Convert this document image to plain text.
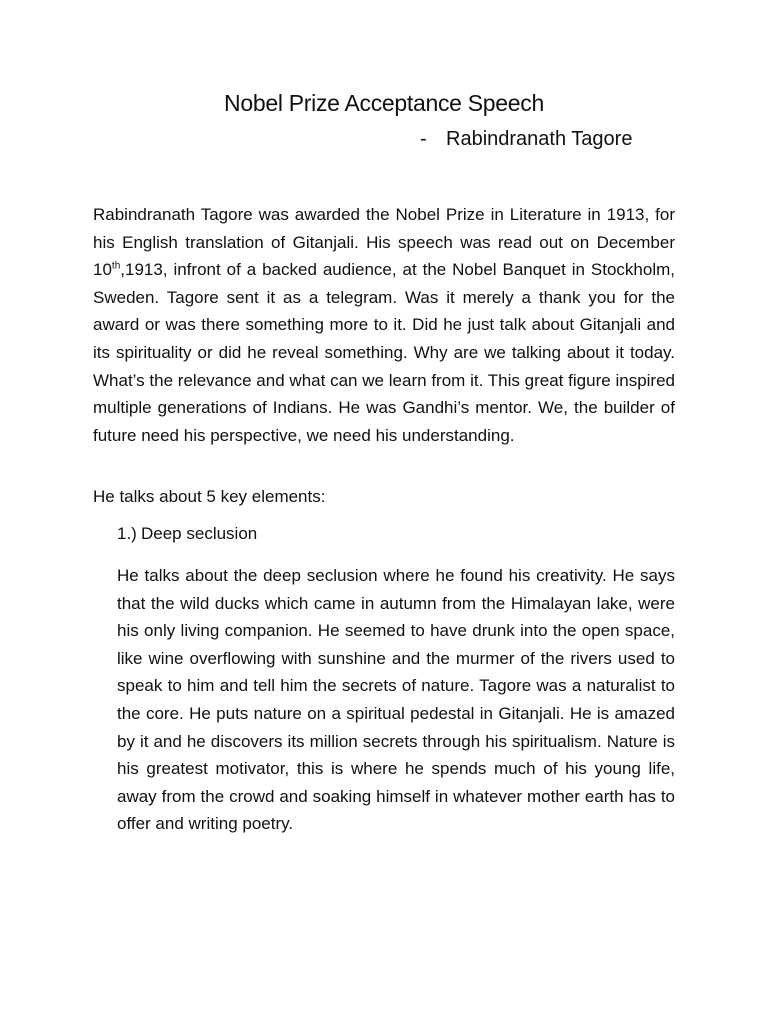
Nobel Prize Acceptance Speech

- Rabindranath Tagore

Rabindranath Tagore was awarded the Nobel Prize in Literature in 1913, for his English translation of Gitanjali. His speech was read out on December 10th,1913, infront of a backed audience, at the Nobel Banquet in Stockholm, Sweden. Tagore sent it as a telegram. Was it merely a thank you for the award or was there something more to it. Did he just talk about Gitanjali and its spirituality or did he reveal something. Why are we talking about it today. What’s the relevance and what can we learn from it. This great figure inspired multiple generations of Indians. He was Gandhi’s mentor. We, the builder of future need his perspective, we need his understanding.

He talks about 5 key elements:

1.) Deep seclusion

He talks about the deep seclusion where he found his creativity. He says that the wild ducks which came in autumn from the Himalayan lake, were his only living companion. He seemed to have drunk into the open space, like wine overflowing with sunshine and the murmer of the rivers used to speak to him and tell him the secrets of nature. Tagore was a naturalist to the core. He puts nature on a spiritual pedestal in Gitanjali. He is amazed by it and he discovers its million secrets through his spiritualism. Nature is his greatest motivator, this is where he spends much of his young life, away from the crowd and soaking himself in whatever mother earth has to offer and writing poetry.
